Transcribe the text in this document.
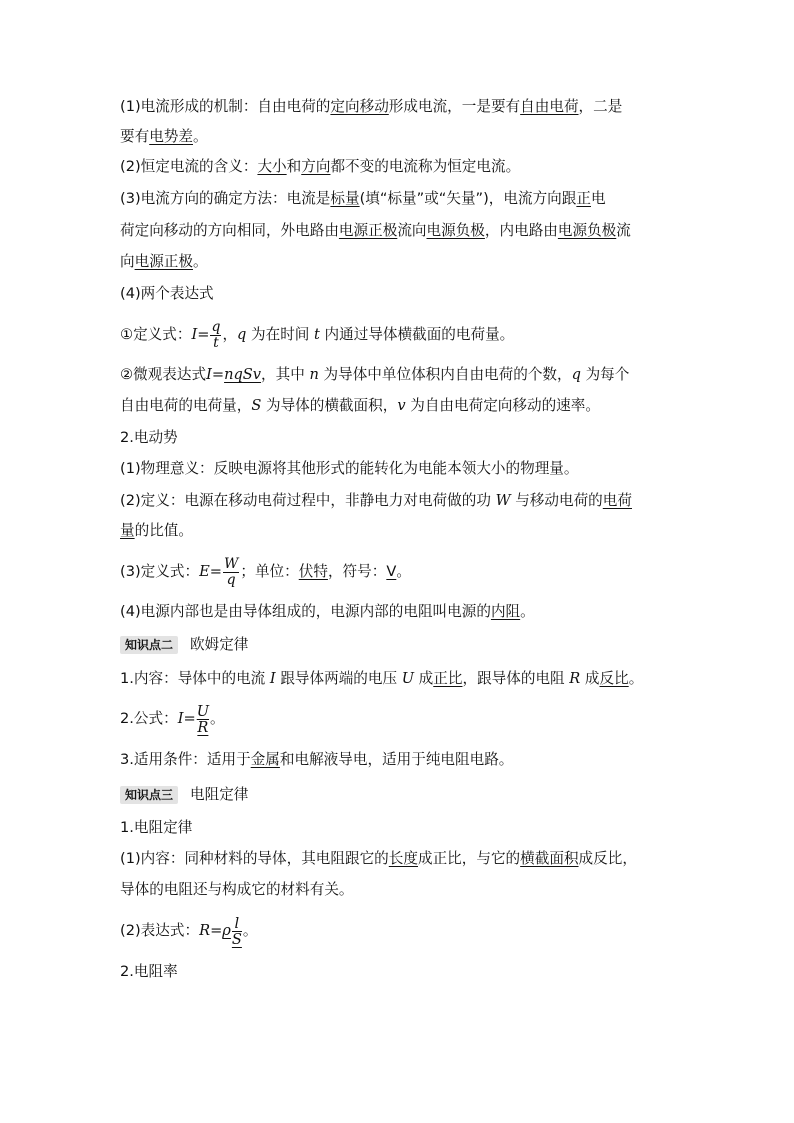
(1)电流形成的机制：自由电荷的定向移动形成电流，一是要有自由电荷，二是
要有电势差。
(2)恒定电流的含义：大小和方向都不变的电流称为恒定电流。
(3)电流方向的确定方法：电流是标量(填“标量”或“矢量”)，电流方向跟正电
荷定向移动的方向相同，外电路由电源正极流向电源负极，内电路由电源负极流
向电源正极。
(4)两个表达式
①定义式：$I= \frac{q}{t}$ ，q 为在时间 t 内通过导体横截面的电荷量。
②微观表达式I=nqSv，其中 n 为导体中单位体积内自由电荷的个数，q 为每个
自由电荷的电荷量，S 为导体的横截面积，v 为自由电荷定向移动的速率。
2.电动势
(1)物理意义：反映电源将其他形式的能转化为电能本领大小的物理量。
(2)定义：电源在移动电荷过程中，非静电力对电荷做的功 W 与移动电荷的电荷
量的比值。
(3)定义式：$E= \frac{W}{q}$ ；单位：伏特，符号：V。
(4)电源内部也是由导体组成的，电源内部的电阻叫电源的内阻。
知识点二 欧姆定律
1.内容：导体中的电流 I 跟导体两端的电压 U 成正比，跟导体的电阻 R 成反比。
2.公式：$I= \frac{U}{R}$ 。
3.适用条件：适用于金属和电解液导电，适用于纯电阻电路。
知识点三 电阻定律
1.电阻定律
(1)内容：同种材料的导体，其电阻跟它的长度成正比，与它的横截面积成反比，
导体的电阻还与构成它的材料有关。
(2)表达式：$R=\rho \frac{l}{S}$ 。
2.电阻率
